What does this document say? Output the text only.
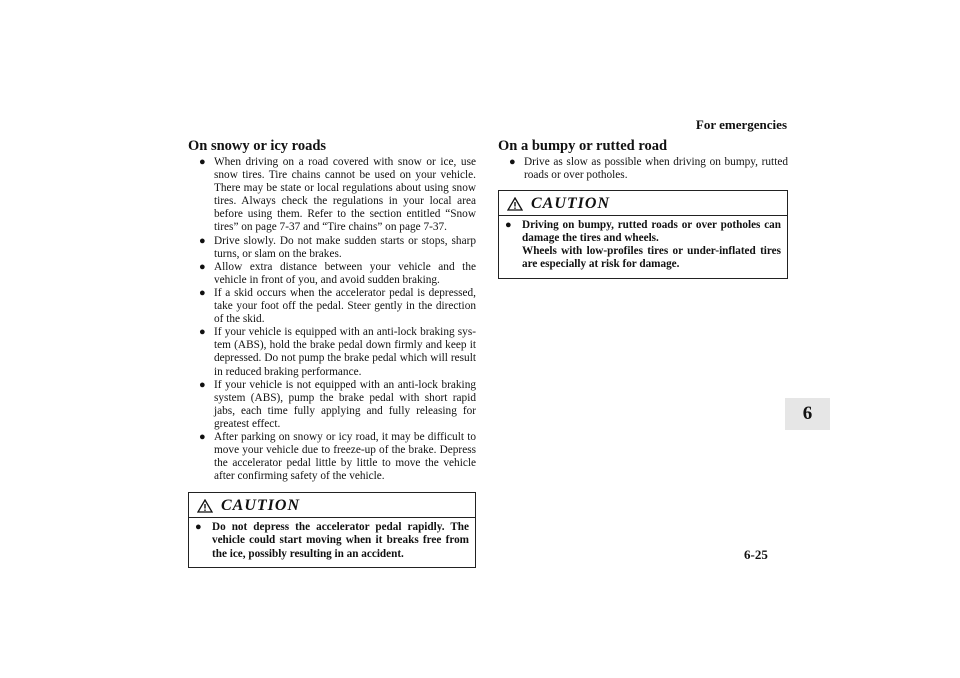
For emergencies
On snowy or icy roads
● When driving on a road covered with snow or ice, use snow tires. Tire chains cannot be used on your vehicle. There may be state or local regulations about using snow tires. Always check the regulations in your local area before using them. Refer to the section entitled “Snow tires” on page 7-37 and “Tire chains” on page 7-37.
● Drive slowly. Do not make sudden starts or stops, sharp turns, or slam on the brakes.
● Allow extra distance between your vehicle and the vehicle in front of you, and avoid sudden braking.
● If a skid occurs when the accelerator pedal is depressed, take your foot off the pedal. Steer gently in the direction of the skid.
● If your vehicle is equipped with an anti-lock braking sys-tem (ABS), hold the brake pedal down firmly and keep it depressed. Do not pump the brake pedal which will result in reduced braking performance.
● If your vehicle is not equipped with an anti-lock braking system (ABS), pump the brake pedal with short rapid jabs, each time fully applying and fully releasing for greatest effect.
● After parking on snowy or icy road, it may be difficult to move your vehicle due to freeze-up of the brake. Depress the accelerator pedal little by little to move the vehicle after confirming safety of the vehicle.
CAUTION
● Do not depress the accelerator pedal rapidly. The vehicle could start moving when it breaks free from the ice, possibly resulting in an accident.
On a bumpy or rutted road
● Drive as slow as possible when driving on bumpy, rutted roads or over potholes.
CAUTION
● Driving on bumpy, rutted roads or over potholes can damage the tires and wheels.
Wheels with low-profiles tires or under-inflated tires are especially at risk for damage.
6
6-25
